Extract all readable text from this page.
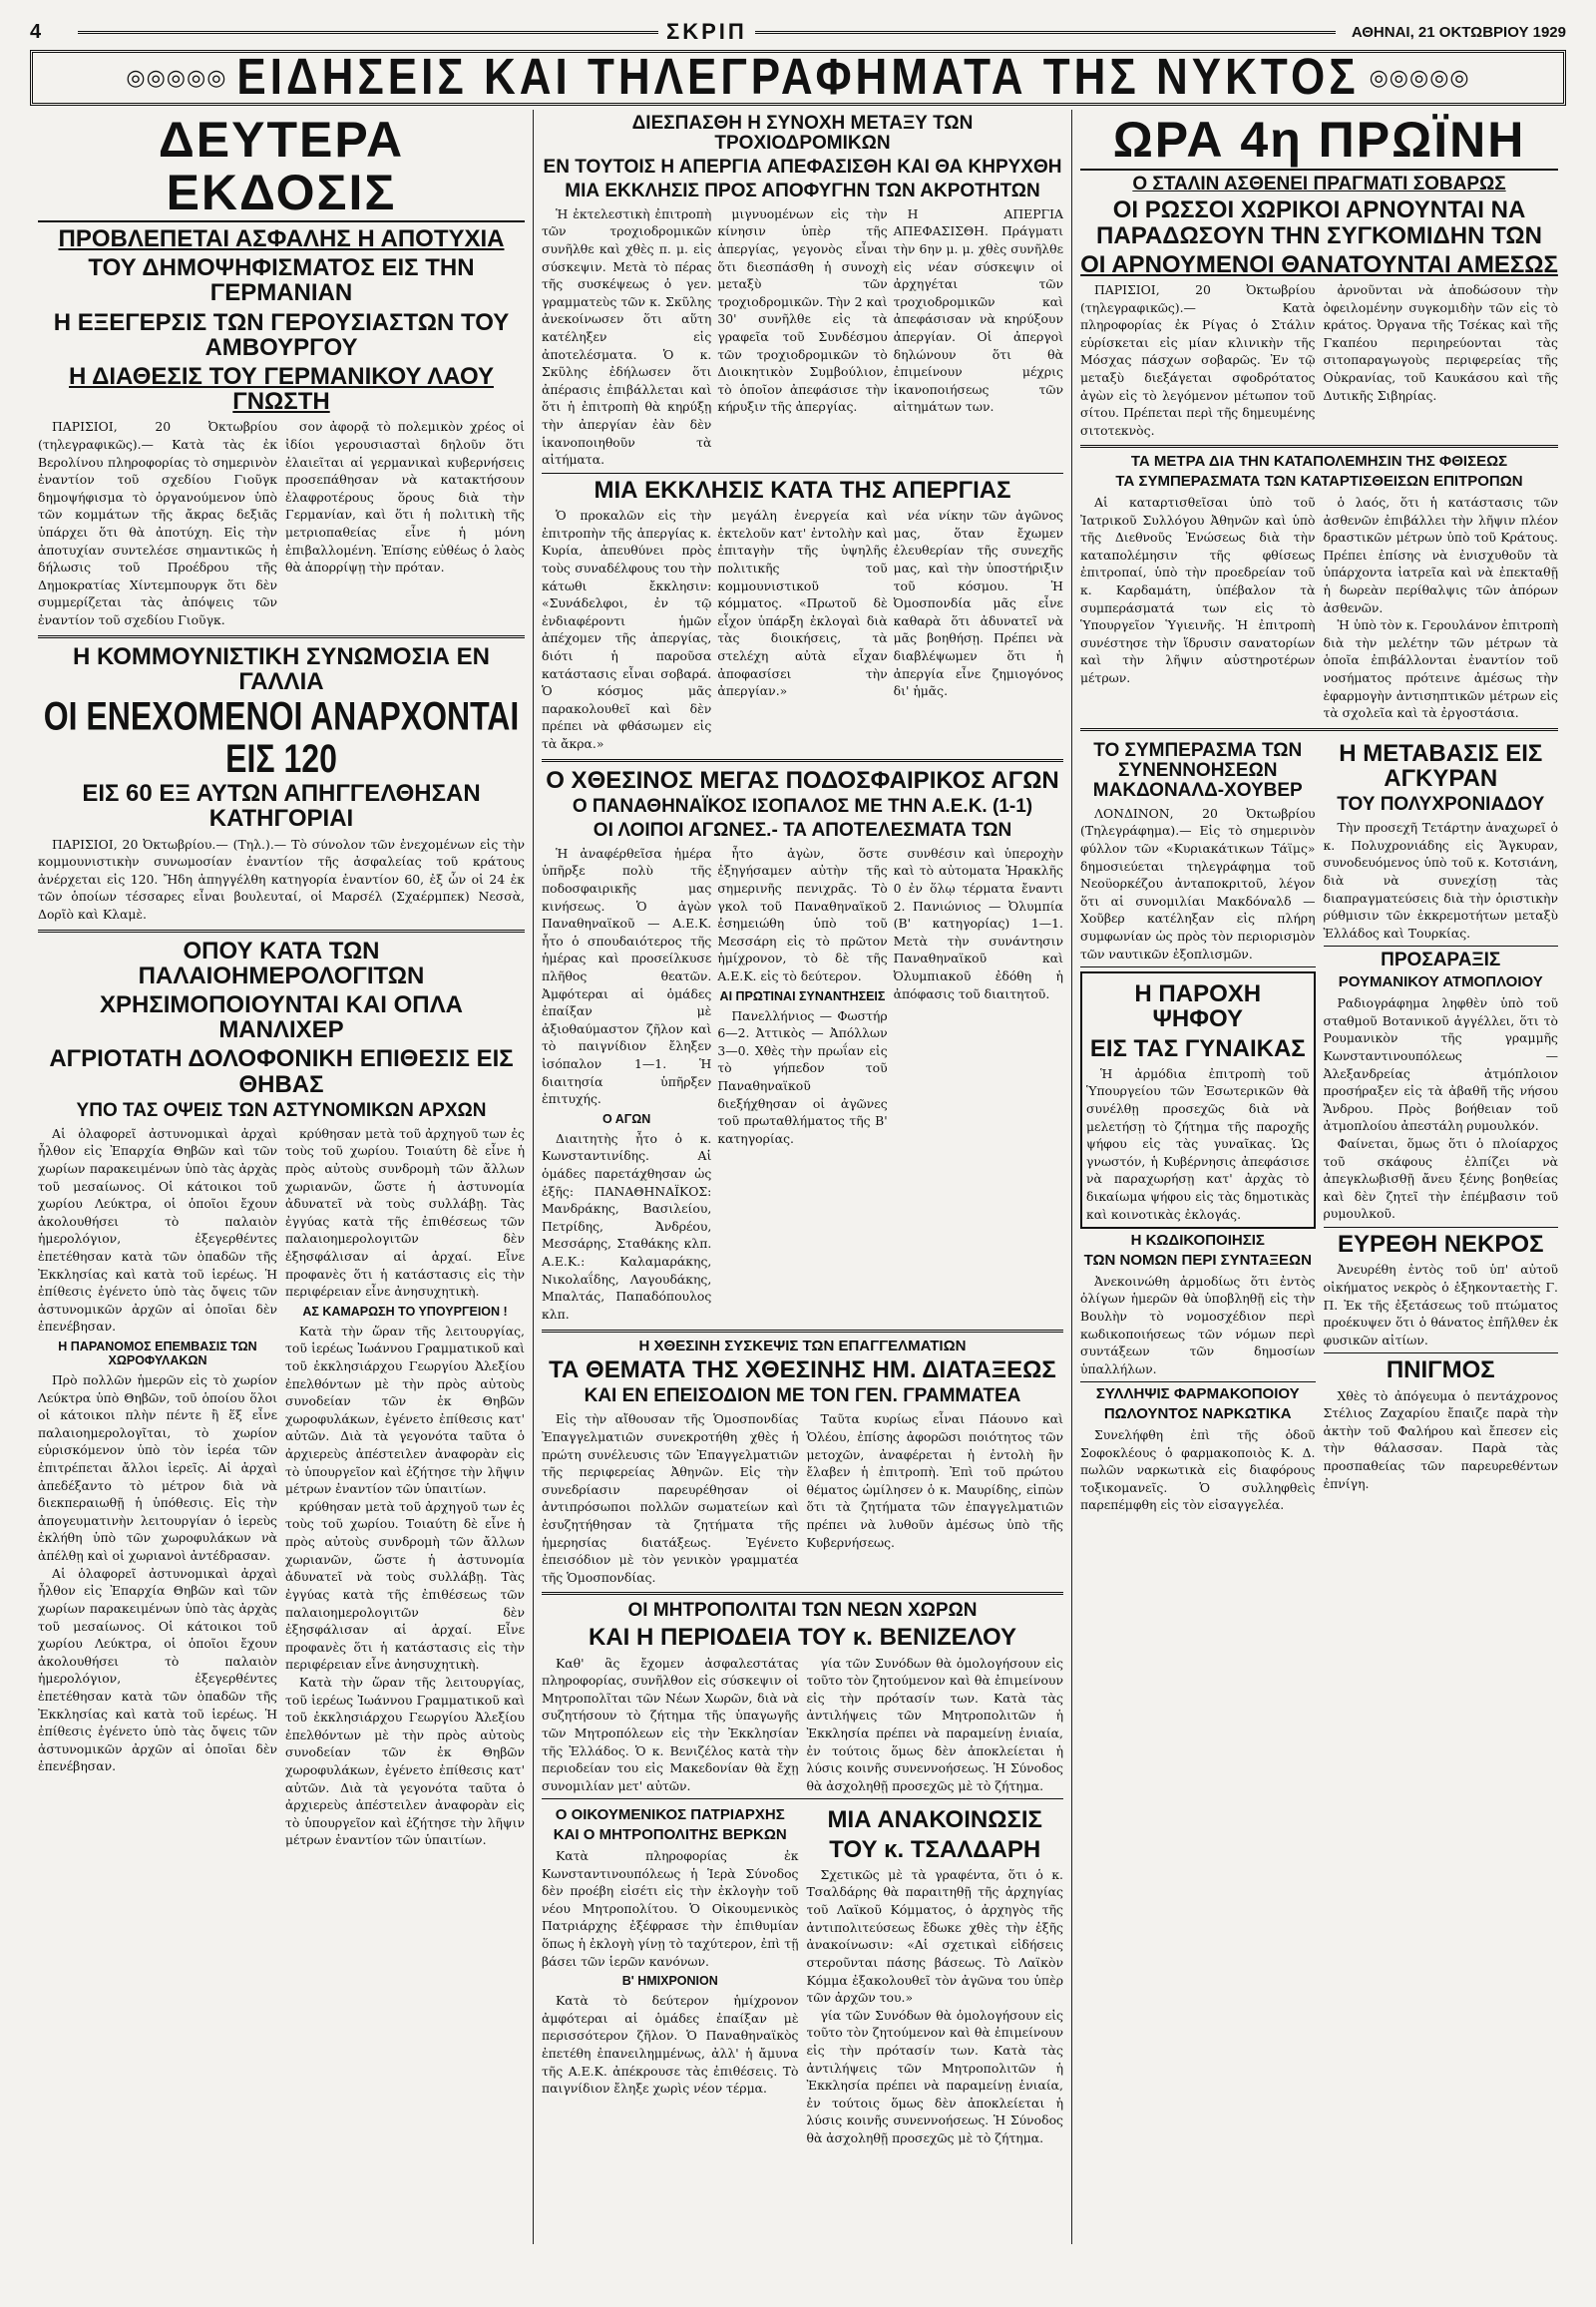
4	ΣΚΡΙΠ	ΑΘΗΝΑΙ, 21 ΟΚΤΩΒΡΙΟΥ 1929
◎◎◎◎◎ ΕΙΔΗΣΕΙΣ ΚΑΙ ΤΗΛΕΓΡΑΦΗΜΑΤΑ ΤΗΣ ΝΥΚΤΟΣ ◎◎◎◎◎
ΔΕΥΤΕΡΑ ΕΚΔΟΣΙΣ
ΠΡΟΒΛΕΠΕΤΑΙ ΑΣΦΑΛΗΣ Η ΑΠΟΤΥΧΙΑ
ΤΟΥ ΔΗΜΟΨΗΦΙΣΜΑΤΟΣ ΕΙΣ ΤΗΝ ΓΕΡΜΑΝΙΑΝ
Η ΕΞΕΓΕΡΣΙΣ ΤΩΝ ΓΕΡΟΥΣΙΑΣΤΩΝ ΤΟΥ ΑΜΒΟΥΡΓΟΥ
Η ΔΙΑΘΕΣΙΣ ΤΟΥ ΓΕΡΜΑΝΙΚΟΥ ΛΑΟΥ ΓΝΩΣΤΗ

ΠΑΡΙΣΙΟΙ, 20 Ὀκτωβρίου (τηλεγραφικῶς).— Κατὰ τὰς ἐκ Βερολίνου πληροφορίας τὸ σημερινὸν ἐναντίον τοῦ σχεδίου Γιοῦγκ δημοψήφισμα τὸ ὀργανούμενον ὑπὸ τῶν κομμάτων τῆς ἄκρας δεξιᾶς ὑπάρχει ὅτι θὰ ἀποτύχη. Εἰς τὴν ἀποτυχίαν συντελέσε σημαντικῶς ἡ δήλωσις τοῦ Προέδρου τῆς Δημοκρατίας Χίντεμπουργκ ὅτι δὲν συμμερίζεται τὰς ἀπόψεις τῶν ἐναντίον τοῦ σχεδίου Γιοῦγκ.

σον ἀφορᾷ τὸ πολεμικὸν χρέος οἱ ἰδίοι γερουσιασταὶ δηλοῦν ὅτι ἐλαιεῖται αἱ γερμανικαὶ κυβερνήσεις προσεπάθησαν νὰ κατακτήσουν ἐλαφροτέρους ὅρους διὰ τὴν Γερμανίαν, καὶ ὅτι ἡ πολιτικὴ τῆς μετριοπαθείας εἶνε ἡ μόνη ἐπιβαλλομένη. Ἐπίσης εὐθέως ὁ λαὸς θὰ ἀπορρίψῃ τὴν πρόταν.

Η ΚΟΜΜΟΥΝΙΣΤΙΚΗ ΣΥΝΩΜΟΣΙΑ ΕΝ ΓΑΛΛΙΑ
ΟΙ ΕΝΕΧΟΜΕΝΟΙ ΑΝΑΡΧΟΝΤΑΙ ΕΙΣ 120
ΕΙΣ 60 ΕΞ ΑΥΤΩΝ ΑΠΗΓΓΕΛΘΗΣΑΝ ΚΑΤΗΓΟΡΙΑΙ

ΠΑΡΙΣΙΟΙ, 20 Ὀκτωβρίου.— (Τηλ.).— Τὸ σύνολον τῶν ἐνεχομένων εἰς τὴν κομμουνιστικὴν συνωμοσίαν ἐναντίον τῆς ἀσφαλείας τοῦ κράτους ἀνέρχεται εἰς 120. Ἤδη ἀπηγγέλθη κατηγορία ἐναντίον 60, ἐξ ὧν οἱ 24 ἐκ τῶν ὁποίων τέσσαρες εἶναι βουλευταί, οἱ Μαρσέλ (Σχαέρμπεκ) Νεσσὰ, Δορῖὸ καὶ Κλαμὲ.

ΟΠΟΥ ΚΑΤΑ ΤΩΝ ΠΑΛΑΙΟΗΜΕΡΟΛΟΓΙΤΩΝ
ΧΡΗΣΙΜΟΠΟΙΟΥΝΤΑΙ ΚΑΙ ΟΠΛΑ ΜΑΝΛΙΧΕΡ
ΑΓΡΙΟΤΑΤΗ ΔΟΛΟΦΟΝΙΚΗ ΕΠΙΘΕΣΙΣ ΕΙΣ ΘΗΒΑΣ
ΥΠΟ ΤΑΣ ΟΨΕΙΣ ΤΩΝ ΑΣΤΥΝΟΜΙΚΩΝ ΑΡΧΩΝ

Αἱ ὁλαφορεῖ ἀστυνομικαὶ ἀρχαὶ ἦλθον εἰς Ἐπαρχία Θηβῶν καὶ τῶν χωρίων παρακειμένων ὑπὸ τὰς ἀρχὰς τοῦ μεσαίωνος. Οἱ κάτοικοι τοῦ χωρίου Λεύκτρα, οἱ ὁποῖοι ἔχουν ἀκολουθήσει τὸ παλαιὸν ἡμερολόγιον, ἐξεγερθέντες ἐπετέθησαν κατὰ τῶν ὀπαδῶν τῆς Ἐκκλησίας καὶ κατὰ τοῦ ἱερέως. Ἡ ἐπίθεσις ἐγένετο ὑπὸ τὰς ὄψεις τῶν ἀστυνομικῶν ἀρχῶν αἱ ὁποῖαι δὲν ἐπενέβησαν.

Η ΠΑΡΑΝΟΜΟΣ ΕΠΕΜΒΑΣΙΣ ΤΩΝ ΧΩΡΟΦΥΛΑΚΩΝ

Πρὸ πολλῶν ἡμερῶν εἰς τὸ χωρίον Λεύκτρα ὑπὸ Θηβῶν, τοῦ ὁποίου ὅλοι οἱ κάτοικοι πλὴν πέντε ἢ ἕξ εἶνε παλαιοημερολογῖται, τὸ χωρίον εὑρισκόμενον ὑπὸ τὸν ἱερέα τῶν ἐπιτρέπεται ἄλλοι ἱερεῖς. Αἱ ἀρχαὶ ἀπεδέξαντο τὸ μέτρον διὰ νὰ διεκπεραιωθῇ ἡ ὑπόθεσις. Εἰς τὴν ἀπογευματινὴν λειτουργίαν ὁ ἱερεὺς ἐκλήθη ὑπὸ τῶν χωροφυλάκων νὰ ἀπέλθῃ καὶ οἱ χωριανοὶ ἀντέδρασαν.

Αἱ ὁλαφορεῖ ἀστυνομικαὶ ἀρχαὶ ἦλθον εἰς Ἐπαρχία Θηβῶν καὶ τῶν χωρίων παρακειμένων ὑπὸ τὰς ἀρχὰς τοῦ μεσαίωνος. Οἱ κάτοικοι τοῦ χωρίου Λεύκτρα, οἱ ὁποῖοι ἔχουν ἀκολουθήσει τὸ παλαιὸν ἡμερολόγιον, ἐξεγερθέντες ἐπετέθησαν κατὰ τῶν ὀπαδῶν τῆς Ἐκκλησίας καὶ κατὰ τοῦ ἱερέως. Ἡ ἐπίθεσις ἐγένετο ὑπὸ τὰς ὄψεις τῶν ἀστυνομικῶν ἀρχῶν αἱ ὁποῖαι δὲν ἐπενέβησαν.

κρύθησαν μετὰ τοῦ ἀρχηγοῦ των ἐς τοὺς τοῦ χωρίου. Τοιαύτη δὲ εἶνε ἡ πρὸς αὐτοὺς συνδρομὴ τῶν ἄλλων χωριανῶν, ὥστε ἡ ἀστυνομία ἀδυνατεῖ νὰ τοὺς συλλάβῃ. Τὰς ἐγγύας κατὰ τῆς ἐπιθέσεως τῶν παλαιοημερολογιτῶν δὲν ἐξησφάλισαν αἱ ἀρχαί. Εἶνε προφανὲς ὅτι ἡ κατάστασις εἰς τὴν περιφέρειαν εἶνε ἀνησυχητικὴ.

ΑΣ ΚΑΜΑΡΩΣΗ ΤΟ ΥΠΟΥΡΓΕΙΟΝ !

Κατὰ τὴν ὥραν τῆς λειτουργίας, τοῦ ἱερέως Ἰωάννου Γραμματικοῦ καὶ τοῦ ἐκκλησιάρχου Γεωργίου Ἀλεξίου ἐπελθόντων μὲ τὴν πρὸς αὐτοὺς συνοδείαν τῶν ἐκ Θηβῶν χωροφυλάκων, ἐγένετο ἐπίθεσις κατ' αὐτῶν. Διὰ τὰ γεγονότα ταῦτα ὁ ἀρχιερεὺς ἀπέστειλεν ἀναφορὰν εἰς τὸ ὑπουργεῖον καὶ ἐζήτησε τὴν λῆψιν μέτρων ἐναντίον τῶν ὑπαιτίων.

κρύθησαν μετὰ τοῦ ἀρχηγοῦ των ἐς τοὺς τοῦ χωρίου. Τοιαύτη δὲ εἶνε ἡ πρὸς αὐτοὺς συνδρομὴ τῶν ἄλλων χωριανῶν, ὥστε ἡ ἀστυνομία ἀδυνατεῖ νὰ τοὺς συλλάβῃ. Τὰς ἐγγύας κατὰ τῆς ἐπιθέσεως τῶν παλαιοημερολογιτῶν δὲν ἐξησφάλισαν αἱ ἀρχαί. Εἶνε προφανὲς ὅτι ἡ κατάστασις εἰς τὴν περιφέρειαν εἶνε ἀνησυχητικὴ.

Κατὰ τὴν ὥραν τῆς λειτουργίας, τοῦ ἱερέως Ἰωάννου Γραμματικοῦ καὶ τοῦ ἐκκλησιάρχου Γεωργίου Ἀλεξίου ἐπελθόντων μὲ τὴν πρὸς αὐτοὺς συνοδείαν τῶν ἐκ Θηβῶν χωροφυλάκων, ἐγένετο ἐπίθεσις κατ' αὐτῶν. Διὰ τὰ γεγονότα ταῦτα ὁ ἀρχιερεὺς ἀπέστειλεν ἀναφορὰν εἰς τὸ ὑπουργεῖον καὶ ἐζήτησε τὴν λῆψιν μέτρων ἐναντίον τῶν ὑπαιτίων.

ΔΙΕΣΠΑΣΘΗ Η ΣΥΝΟΧΗ ΜΕΤΑΞΥ ΤΩΝ ΤΡΟΧΙΟΔΡΟΜΙΚΩΝ
ΕΝ ΤΟΥΤΟΙΣ Η ΑΠΕΡΓΙΑ ΑΠΕΦΑΣΙΣΘΗ ΚΑΙ ΘΑ ΚΗΡΥΧΘΗ
ΜΙΑ ΕΚΚΛΗΣΙΣ ΠΡΟΣ ΑΠΟΦΥΓΗΝ ΤΩΝ ΑΚΡΟΤΗΤΩΝ

Ἡ ἐκτελεστικὴ ἐπιτροπὴ τῶν τροχιοδρομικῶν συνῆλθε καὶ χθὲς π. μ. εἰς σύσκεψιν. Μετὰ τὸ πέρας τῆς συσκέψεως ὁ γεν. γραμματεὺς τῶν κ. Σκῦλης ἀνεκοίνωσεν ὅτι αὕτη κατέληξεν εἰς ἀποτελέσματα. Ὁ κ. Σκῦλης ἐδήλωσεν ὅτι ἀπέρασις ἐπιβάλλεται καὶ ὅτι ἡ ἐπιτροπὴ θὰ κηρύξῃ τὴν ἀπεργίαν ἐὰν δὲν ἱκανοποιηθοῦν τὰ αἰτήματα.

μιγνυομένων εἰς τὴν κίνησιν ὑπὲρ τῆς ἀπεργίας, γεγονὸς εἶναι ὅτι διεσπάσθη ἡ συνοχὴ μεταξὺ τῶν τροχιοδρομικῶν. Τὴν 2 καὶ 30' συνῆλθε εἰς τὰ γραφεῖα τοῦ Συνδέσμου τῶν τροχιοδρομικῶν τὸ Διοικητικὸν Συμβούλιον, τὸ ὁποῖον ἀπεφάσισε τὴν κήρυξιν τῆς ἀπεργίας.

Η ΑΠΕΡΓΙΑ ΑΠΕΦΑΣΙΣΘΗ. Πράγματι τὴν 6ην μ. μ. χθὲς συνῆλθε εἰς νέαν σύσκεψιν οἱ ἀρχηγέται τῶν τροχιοδρομικῶν καὶ ἀπεφάσισαν νὰ κηρύξουν ἀπεργίαν. Οἱ ἀπεργοὶ δηλώνουν ὅτι θὰ ἐπιμείνουν μέχρις ἱκανοποιήσεως τῶν αἰτημάτων των.

ΜΙΑ ΕΚΚΛΗΣΙΣ ΚΑΤΑ ΤΗΣ ΑΠΕΡΓΙΑΣ

Ὁ προκαλῶν εἰς τὴν ἐπιτροπὴν τῆς ἀπεργίας κ. Κυρία, ἀπευθύνει πρὸς τοὺς συναδέλφους του τὴν κάτωθι ἔκκλησιν: «Συνάδελφοι, ἐν τῷ ἐνδιαφέροντι ἡμῶν ἀπέχομεν τῆς ἀπεργίας, διότι ἡ παροῦσα κατάστασις εἶναι σοβαρά. Ὁ κόσμος μᾶς παρακολουθεῖ καὶ δὲν πρέπει νὰ φθάσωμεν εἰς τὰ ἄκρα.»

μεγάλη ἐνεργεία καὶ ἐκτελοῦν κατ' ἐντολὴν καὶ ἐπιταγὴν τῆς ὑψηλῆς πολιτικῆς τοῦ κομμουνιστικοῦ κόμματος. «Πρωτοῦ δὲ εἶχον ὑπάρξη ἐκλογαὶ διὰ τὰς διοικήσεις, τὰ στελέχη αὐτὰ εἶχαν ἀποφασίσει τὴν ἀπεργίαν.»

νέα νίκην τῶν ἀγῶνος μας, ὅταν ἔχωμεν ἐλευθερίαν τῆς συνεχῆς μας, καὶ τὴν ὑποστήριξιν τοῦ κόσμου. Ἡ Ὀμοσπονδία μᾶς εἶνε καθαρὰ ὅτι ἀδυνατεῖ νὰ μᾶς βοηθήσῃ. Πρέπει νὰ διαβλέψωμεν ὅτι ἡ ἀπεργία εἶνε ζημιογόνος δι' ἡμᾶς.

Ο ΧΘΕΣΙΝΟΣ ΜΕΓΑΣ ΠΟΔΟΣΦΑΙΡΙΚΟΣ ΑΓΩΝ
Ο ΠΑΝΑΘΗΝΑΪΚΟΣ ΙΣΟΠΑΛΟΣ ΜΕ ΤΗΝ Α.Ε.Κ. (1-1)
ΟΙ ΛΟΙΠΟΙ ΑΓΩΝΕΣ.- ΤΑ ΑΠΟΤΕΛΕΣΜΑΤΑ ΤΩΝ

Ἡ ἀναφέρθεῖσα ἡμέρα ὑπῆρξε πολὺ τῆς ποδοσφαιρικῆς μας κινήσεως. Ὁ ἀγὼν Παναθηναϊκοῦ — Α.Ε.Κ. ἦτο ὁ σπουδαιότερος τῆς ἡμέρας καὶ προσείλκυσε πλῆθος θεατῶν. Ἀμφότεραι αἱ ὁμάδες ἐπαίξαν μὲ ἀξιοθαύμαστον ζῆλον καὶ τὸ παιγνίδιον ἔληξεν ἰσόπαλον 1—1. Ἡ διαιτησία ὑπῆρξεν ἐπιτυχής.

Ο ΑΓΩΝ

Διαιτητὴς ἦτο ὁ κ. Κωνσταντινίδης. Αἱ ὁμάδες παρετάχθησαν ὡς ἑξῆς: ΠΑΝΑΘΗΝΑΪΚΟΣ: Μανδράκης, Βασιλείου, Πετρίδης, Ἀνδρέου, Μεσσάρης, Σταθάκης κλπ. Α.Ε.Κ.: Καλαμαράκης, Νικολαΐδης, Λαγουδάκης, Μπαλτάς, Παπαδόπουλος κλπ.

ἦτο ἀγὼν, ὅστε ἐξηγήσαμεν αὐτὴν τῆς σημερινῆς πενιχρᾶς. Τὸ γκολ τοῦ Παναθηναϊκοῦ ἐσημειώθη ὑπὸ τοῦ Μεσσάρη εἰς τὸ πρῶτον ἡμίχρονον, τὸ δὲ τῆς Α.Ε.Κ. εἰς τὸ δεύτερον.

ΑΙ ΠΡΩΤΙΝΑΙ ΣΥΝΑΝΤΗΣΕΙΣ

Πανελλήνιος — Φωστήρ 6—2. Ἀττικὸς — Ἀπόλλων 3—0. Χθὲς τὴν πρωΐαν εἰς τὸ γήπεδον τοῦ Παναθηναϊκοῦ διεξήχθησαν οἱ ἀγῶνες τοῦ πρωταθλήματος τῆς Β' κατηγορίας.

συνθέσιν καὶ ὑπεροχὴν καὶ τὸ αὐτοματα Ἡρακλῆς 0 ἐν ὅλῳ τέρματα ἔναντι 2. Πανιώνιος — Ὀλυμπία (Β' κατηγορίας) 1—1. Μετὰ τὴν συνάντησιν Παναθηναϊκοῦ καὶ Ὀλυμπιακοῦ ἐδόθη ἡ ἀπόφασις τοῦ διαιτητοῦ.

Η ΧΘΕΣΙΝΗ ΣΥΣΚΕΨΙΣ ΤΩΝ ΕΠΑΓΓΕΛΜΑΤΙΩΝ
ΤΑ ΘΕΜΑΤΑ ΤΗΣ ΧΘΕΣΙΝΗΣ ΗΜ. ΔΙΑΤΑΞΕΩΣ
ΚΑΙ ΕΝ ΕΠΕΙΣΟΔΙΟΝ ΜΕ ΤΟΝ ΓΕΝ. ΓΡΑΜΜΑΤΕΑ

Εἰς τὴν αἴθουσαν τῆς Ὁμοσπονδίας Ἐπαγγελματιῶν συνεκροτήθη χθὲς ἡ πρώτη συνέλευσις τῶν Ἐπαγγελματιῶν τῆς περιφερείας Ἀθηνῶν. Εἰς τὴν συνεδρίασιν παρευρέθησαν οἱ ἀντιπρόσωποι πολλῶν σωματείων καὶ ἐσυζητήθησαν τὰ ζητήματα τῆς ἡμερησίας διατάξεως. Ἐγένετο ἐπεισόδιον μὲ τὸν γενικὸν γραμματέα τῆς Ὁμοσπονδίας.

Ταῦτα κυρίως εἶναι Πάουνο καὶ Ὁλέου, ἐπίσης ἀφορῶσι ποιότητος τῶν μετοχῶν, ἀναφέρεται ἡ ἐντολὴ ἣν ἔλαβεν ἡ ἐπιτροπὴ. Ἐπὶ τοῦ πρώτου θέματος ὡμίλησεν ὁ κ. Μαυρίδης, εἰπὼν ὅτι τὰ ζητήματα τῶν ἐπαγγελματιῶν πρέπει νὰ λυθοῦν ἀμέσως ὑπὸ τῆς Κυβερνήσεως.

ΟΙ ΜΗΤΡΟΠΟΛΙΤΑΙ ΤΩΝ ΝΕΩΝ ΧΩΡΩΝ
ΚΑΙ Η ΠΕΡΙΟΔΕΙΑ ΤΟΥ κ. ΒΕΝΙΖΕΛΟΥ

Καθ' ἃς ἔχομεν ἀσφαλεστάτας πληροφορίας, συνῆλθον εἰς σύσκεψιν οἱ Μητροπολῖται τῶν Νέων Χωρῶν, διὰ νὰ συζητήσουν τὸ ζήτημα τῆς ὑπαγωγῆς τῶν Μητροπόλεων εἰς τὴν Ἐκκλησίαν τῆς Ἑλλάδος. Ὁ κ. Βενιζέλος κατὰ τὴν περιοδείαν του εἰς Μακεδονίαν θὰ ἔχῃ συνομιλίαν μετ' αὐτῶν.

γία τῶν Συνόδων θὰ ὁμολογήσουν εἰς τοῦτο τὸν ζητούμενον καὶ θὰ ἐπιμείνουν εἰς τὴν πρότασίν των. Κατὰ τὰς ἀντιλήψεις τῶν Μητροπολιτῶν ἡ Ἐκκλησία πρέπει νὰ παραμείνῃ ἑνιαία, ἐν τούτοις ὅμως δὲν ἀποκλείεται ἡ λύσις κοινῆς συνεννοήσεως. Ἡ Σύνοδος θὰ ἀσχοληθῇ προσεχῶς μὲ τὸ ζήτημα.

Ο ΟΙΚΟΥΜΕΝΙΚΟΣ ΠΑΤΡΙΑΡΧΗΣ
ΚΑΙ Ο ΜΗΤΡΟΠΟΛΙΤΗΣ ΒΕΡΚΩΝ

Κατὰ πληροφορίας ἐκ Κωνσταντινουπόλεως ἡ Ἱερὰ Σύνοδος δὲν προέβη εἰσέτι εἰς τὴν ἐκλογὴν τοῦ νέου Μητροπολίτου. Ὁ Οἰκουμενικὸς Πατριάρχης ἐξέφρασε τὴν ἐπιθυμίαν ὅπως ἡ ἐκλογὴ γίνῃ τὸ ταχύτερον, ἐπὶ τῇ βάσει τῶν ἱερῶν κανόνων.

Β' ΗΜΙΧΡΟΝΙΟΝ

Κατὰ τὸ δεύτερον ἡμίχρονον ἀμφότεραι αἱ ὁμάδες ἐπαίξαν μὲ περισσότερον ζῆλον. Ὁ Παναθηναϊκὸς ἐπετέθη ἐπανειλημμένως, ἀλλ' ἡ ἄμυνα τῆς Α.Ε.Κ. ἀπέκρουσε τὰς ἐπιθέσεις. Τὸ παιγνίδιον ἔληξε χωρὶς νέον τέρμα.

ΜΙΑ ΑΝΑΚΟΙΝΩΣΙΣ
ΤΟΥ κ. ΤΣΑΛΔΑΡΗ

Σχετικῶς μὲ τὰ γραφέντα, ὅτι ὁ κ. Τσαλδάρης θὰ παραιτηθῇ τῆς ἀρχηγίας τοῦ Λαϊκοῦ Κόμματος, ὁ ἀρχηγὸς τῆς ἀντιπολιτεύσεως ἔδωκε χθὲς τὴν ἑξῆς ἀνακοίνωσιν: «Αἱ σχετικαὶ εἰδήσεις στεροῦνται πάσης βάσεως. Τὸ Λαϊκὸν Κόμμα ἐξακολουθεῖ τὸν ἀγῶνα του ὑπὲρ τῶν ἀρχῶν του.»

γία τῶν Συνόδων θὰ ὁμολογήσουν εἰς τοῦτο τὸν ζητούμενον καὶ θὰ ἐπιμείνουν εἰς τὴν πρότασίν των. Κατὰ τὰς ἀντιλήψεις τῶν Μητροπολιτῶν ἡ Ἐκκλησία πρέπει νὰ παραμείνῃ ἑνιαία, ἐν τούτοις ὅμως δὲν ἀποκλείεται ἡ λύσις κοινῆς συνεννοήσεως. Ἡ Σύνοδος θὰ ἀσχοληθῇ προσεχῶς μὲ τὸ ζήτημα.

ΩΡΑ 4η ΠΡΩΪΝΗ
Ο ΣΤΑΛΙΝ ΑΣΘΕΝΕΙ ΠΡΑΓΜΑΤΙ ΣΟΒΑΡΩΣ
ΟΙ ΡΩΣΣΟΙ ΧΩΡΙΚΟΙ ΑΡΝΟΥΝΤΑΙ ΝΑ ΠΑΡΑΔΩΣΟΥΝ ΤΗΝ ΣΥΓΚΟΜΙΔΗΝ ΤΩΝ
ΟΙ ΑΡΝΟΥΜΕΝΟΙ ΘΑΝΑΤΟΥΝΤΑΙ ΑΜΕΣΩΣ

ΠΑΡΙΣΙΟΙ, 20 Ὀκτωβρίου (τηλεγραφικῶς).— Κατὰ πληροφορίας ἐκ Ρίγας ὁ Στάλιν εὑρίσκεται εἰς μίαν κλινικὴν τῆς Μόσχας πάσχων σοβαρῶς. Ἐν τῷ μεταξὺ διεξάγεται σφοδρότατος ἀγὼν εἰς τὸ λεγόμενον μέτωπον τοῦ σίτου. Πρέπεται περὶ τῆς δημευμένης σιτοτεκνὸς.

ἀρνοῦνται νὰ ἀποδώσουν τὴν ὀφειλομένην συγκομιδὴν τῶν εἰς τὸ κράτος. Ὀργανα τῆς Τσέκας καὶ τῆς Γκαπέου περιηρεύονται τὰς σιτοπαραγωγοὺς περιφερείας τῆς Οὐκρανίας, τοῦ Καυκάσου καὶ τῆς Δυτικῆς Σιβηρίας.

ΤΑ ΜΕΤΡΑ ΔΙΑ ΤΗΝ ΚΑΤΑΠΟΛΕΜΗΣΙΝ ΤΗΣ ΦΘΙΣΕΩΣ
ΤΑ ΣΥΜΠΕΡΑΣΜΑΤΑ ΤΩΝ ΚΑΤΑΡΤΙΣΘΕΙΣΩΝ ΕΠΙΤΡΟΠΩΝ

Αἱ καταρτισθεῖσαι ὑπὸ τοῦ Ἰατρικοῦ Συλλόγου Ἀθηνῶν καὶ ὑπὸ τῆς Διεθνοῦς Ἐνώσεως διὰ τὴν καταπολέμησιν τῆς φθίσεως ἐπιτροπαί, ὑπὸ τὴν προεδρείαν τοῦ κ. Καρδαμάτη, ὑπέβαλον τὰ συμπεράσματά των εἰς τὸ Ὑπουργεῖον Ὑγιεινῆς. Ἡ ἐπιτροπὴ συνέστησε τὴν ἵδρυσιν σανατορίων καὶ τὴν λῆψιν αὐστηροτέρων μέτρων.

ὁ λαός, ὅτι ἡ κατάστασις τῶν ἀσθενῶν ἐπιβάλλει τὴν λῆψιν πλέον δραστικῶν μέτρων ὑπὸ τοῦ Κράτους. Πρέπει ἐπίσης νὰ ἐνισχυθοῦν τὰ ὑπάρχοντα ἰατρεῖα καὶ νὰ ἐπεκταθῇ ἡ δωρεὰν περίθαλψις τῶν ἀπόρων ἀσθενῶν.

Ἡ ὑπὸ τὸν κ. Γερουλάνον ἐπιτροπὴ διὰ τὴν μελέτην τῶν μέτρων τὰ ὁποῖα ἐπιβάλλονται ἐναντίον τοῦ νοσήματος πρότεινε ἀμέσως τὴν ἐφαρμογὴν ἀντισηπτικῶν μέτρων εἰς τὰ σχολεῖα καὶ τὰ ἐργοστάσια.

ΤΟ ΣΥΜΠΕΡΑΣΜΑ ΤΩΝ ΣΥΝΕΝΝΟΗΣΕΩΝ ΜΑΚΔΟΝΑΛΔ-ΧΟΥΒΕΡ

ΛΟΝΔΙΝΟΝ, 20 Ὀκτωβρίου (Τηλεγράφημα).— Εἰς τὸ σημερινὸν φύλλον τῶν «Κυριακάτικων Τάϊμς» δημοσιεύεται τηλεγράφημα τοῦ Νεοϋορκέζου ἀνταποκριτοῦ, λέγον ὅτι αἱ συνομιλίαι Μακδόναλδ — Χοῦβερ κατέληξαν εἰς πλήρη συμφωνίαν ὡς πρὸς τὸν περιορισμὸν τῶν ναυτικῶν ἐξοπλισμῶν.

Η ΠΑΡΟΧΗ ΨΗΦΟΥ
ΕΙΣ ΤΑΣ ΓΥΝΑΙΚΑΣ

Ἡ ἀρμόδια ἐπιτροπὴ τοῦ Ὑπουργείου τῶν Ἐσωτερικῶν θὰ συνέλθῃ προσεχῶς διὰ νὰ μελετήσῃ τὸ ζήτημα τῆς παροχῆς ψήφου εἰς τὰς γυναῖκας. Ὡς γνωστόν, ἡ Κυβέρνησις ἀπεφάσισε νὰ παραχωρήσῃ κατ' ἀρχὰς τὸ δικαίωμα ψήφου εἰς τὰς δημοτικὰς καὶ κοινοτικὰς ἐκλογάς.

Η ΚΩΔΙΚΟΠΟΙΗΣΙΣ
ΤΩΝ ΝΟΜΩΝ ΠΕΡΙ ΣΥΝΤΑΞΕΩΝ

Ἀνεκοινώθη ἀρμοδίως ὅτι ἐντὸς ὀλίγων ἡμερῶν θὰ ὑποβληθῇ εἰς τὴν Βουλὴν τὸ νομοσχέδιον περὶ κωδικοποιήσεως τῶν νόμων περὶ συντάξεων τῶν δημοσίων ὑπαλλήλων.

ΣΥΛΛΗΨΙΣ ΦΑΡΜΑΚΟΠΟΙΟΥ
ΠΩΛΟΥΝΤΟΣ ΝΑΡΚΩΤΙΚΑ

Συνελήφθη ἐπὶ τῆς ὁδοῦ Σοφοκλέους ὁ φαρμακοποιὸς Κ. Δ. πωλῶν ναρκωτικὰ εἰς διαφόρους τοξικομανεῖς. Ὁ συλληφθεὶς παρεπέμφθη εἰς τὸν εἰσαγγελέα.

Η ΜΕΤΑΒΑΣΙΣ ΕΙΣ ΑΓΚΥΡΑΝ
ΤΟΥ ΠΟΛΥΧΡΟΝΙΑΔΟΥ

Τὴν προσεχῆ Τετάρτην ἀναχωρεῖ ὁ κ. Πολυχρονιάδης εἰς Ἄγκυραν, συνοδευόμενος ὑπὸ τοῦ κ. Κοτσιάνη, διὰ νὰ συνεχίσῃ τὰς διαπραγματεύσεις διὰ τὴν ὁριστικὴν ρύθμισιν τῶν ἐκκρεμοτήτων μεταξὺ Ἑλλάδος καὶ Τουρκίας.

ΠΡΟΣΑΡΑΞΙΣ
ΡΟΥΜΑΝΙΚΟΥ ΑΤΜΟΠΛΟΙΟΥ

Ραδιογράφημα ληφθὲν ὑπὸ τοῦ σταθμοῦ Βοτανικοῦ ἀγγέλλει, ὅτι τὸ Ρουμανικὸν τῆς γραμμῆς Κωνσταντινουπόλεως — Ἀλεξανδρείας ἀτμόπλοιον προσήραξεν εἰς τὰ ἀβαθῆ τῆς νήσου Ἄνδρου. Πρὸς βοήθειαν τοῦ ἀτμοπλοίου ἀπεστάλη ρυμουλκόν.

Φαίνεται, ὅμως ὅτι ὁ πλοίαρχος τοῦ σκάφους ἐλπίζει νὰ ἀπεγκλωβισθῇ ἄνευ ξένης βοηθείας καὶ δὲν ζητεῖ τὴν ἐπέμβασιν τοῦ ρυμουλκοῦ.

ΕΥΡΕΘΗ ΝΕΚΡΟΣ

Ἀνευρέθη ἐντὸς τοῦ ὑπ' αὐτοῦ οἰκήματος νεκρὸς ὁ ἑξηκονταετὴς Γ. Π. Ἐκ τῆς ἐξετάσεως τοῦ πτώματος προέκυψεν ὅτι ὁ θάνατος ἐπῆλθεν ἐκ φυσικῶν αἰτίων.

ΠΝΙΓΜΟΣ

Χθὲς τὸ ἀπόγευμα ὁ πεντάχρονος Στέλιος Ζαχαρίου ἔπαιζε παρὰ τὴν ἀκτὴν τοῦ Φαλήρου καὶ ἔπεσεν εἰς τὴν θάλασσαν. Παρὰ τὰς προσπαθείας τῶν παρευρεθέντων ἐπνίγη.
